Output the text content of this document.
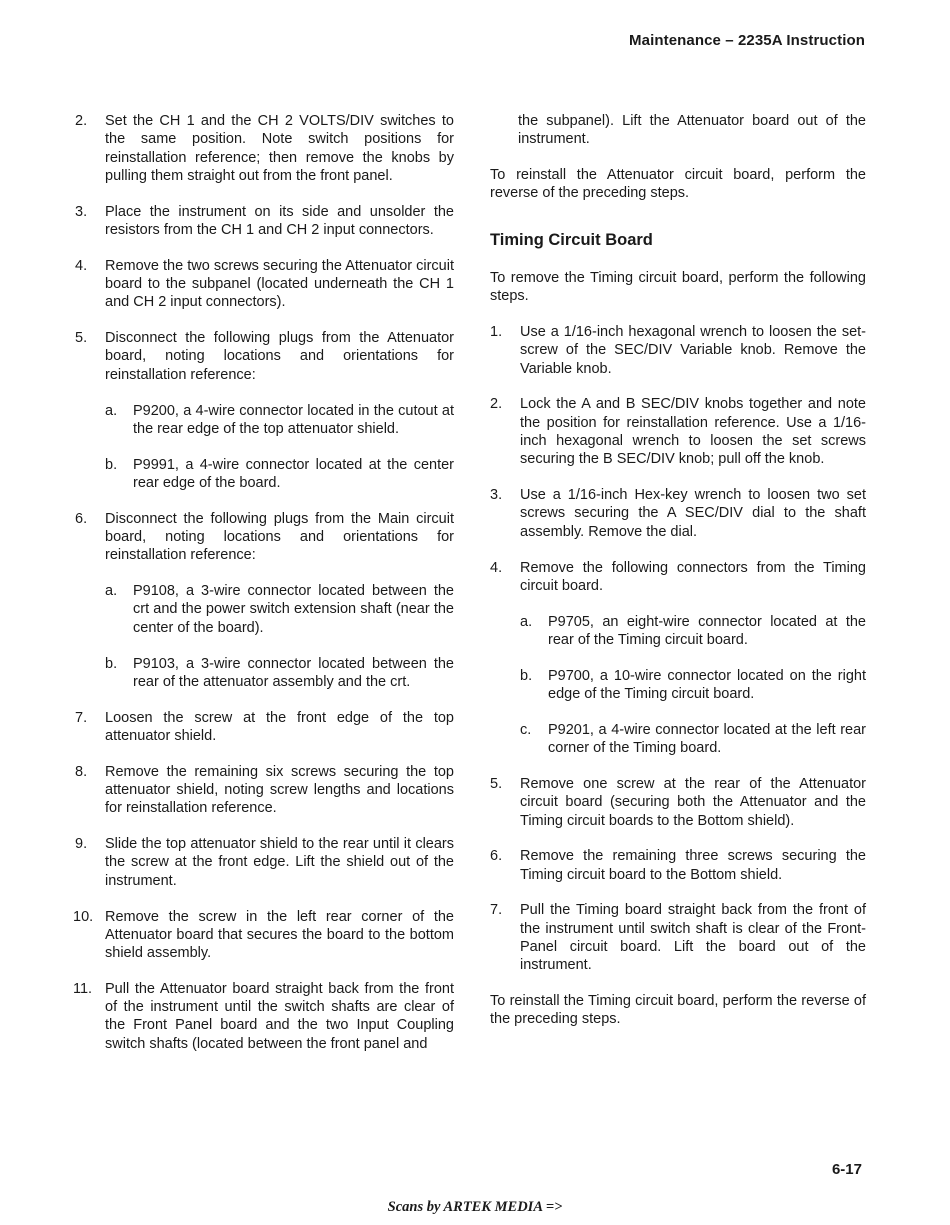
Maintenance – 2235A Instruction
2.	Set the CH 1 and the CH 2 VOLTS/DIV switches to the same position. Note switch positions for reinstallation reference; then remove the knobs by pulling them straight out from the front panel.
3.	Place the instrument on its side and unsolder the resistors from the CH 1 and CH 2 input connectors.
4.	Remove the two screws securing the Attenuator circuit board to the subpanel (located underneath the CH 1 and CH 2 input connectors).
5.	Disconnect the following plugs from the Attenuator board, noting locations and orientations for reinstallation reference:
a. P9200, a 4-wire connector located in the cutout at the rear edge of the top attenuator shield.
b. P9991, a 4-wire connector located at the center rear edge of the board.
6.	Disconnect the following plugs from the Main circuit board, noting locations and orientations for reinstallation reference:
a. P9108, a 3-wire connector located between the crt and the power switch extension shaft (near the center of the board).
b. P9103, a 3-wire connector located between the rear of the attenuator assembly and the crt.
7.	Loosen the screw at the front edge of the top attenuator shield.
8.	Remove the remaining six screws securing the top attenuator shield, noting screw lengths and locations for reinstallation reference.
9.	Slide the top attenuator shield to the rear until it clears the screw at the front edge. Lift the shield out of the instrument.
10. Remove the screw in the left rear corner of the Attenuator board that secures the board to the bottom shield assembly.
11. Pull the Attenuator board straight back from the front of the instrument until the switch shafts are clear of the Front Panel board and the two Input Coupling switch shafts (located between the front panel and
the subpanel). Lift the Attenuator board out of the instrument.
To reinstall the Attenuator circuit board, perform the reverse of the preceding steps.
Timing Circuit Board
To remove the Timing circuit board, perform the following steps.
1.	Use a 1/16-inch hexagonal wrench to loosen the set-screw of the SEC/DIV Variable knob. Remove the Variable knob.
2.	Lock the A and B SEC/DIV knobs together and note the position for reinstallation reference. Use a 1/16-inch hexagonal wrench to loosen the set screws securing the B SEC/DIV knob; pull off the knob.
3.	Use a 1/16-inch Hex-key wrench to loosen two set screws securing the A SEC/DIV dial to the shaft assembly. Remove the dial.
4.	Remove the following connectors from the Timing circuit board.
a. P9705, an eight-wire connector located at the rear of the Timing circuit board.
b. P9700, a 10-wire connector located on the right edge of the Timing circuit board.
c. P9201, a 4-wire connector located at the left rear corner of the Timing board.
5.	Remove one screw at the rear of the Attenuator circuit board (securing both the Attenuator and the Timing circuit boards to the Bottom shield).
6.	Remove the remaining three screws securing the Timing circuit board to the Bottom shield.
7.	Pull the Timing board straight back from the front of the instrument until switch shaft is clear of the Front-Panel circuit board. Lift the board out of the instrument.
To reinstall the Timing circuit board, perform the reverse of the preceding steps.
6-17
Scans by ARTEK MEDIA =>
